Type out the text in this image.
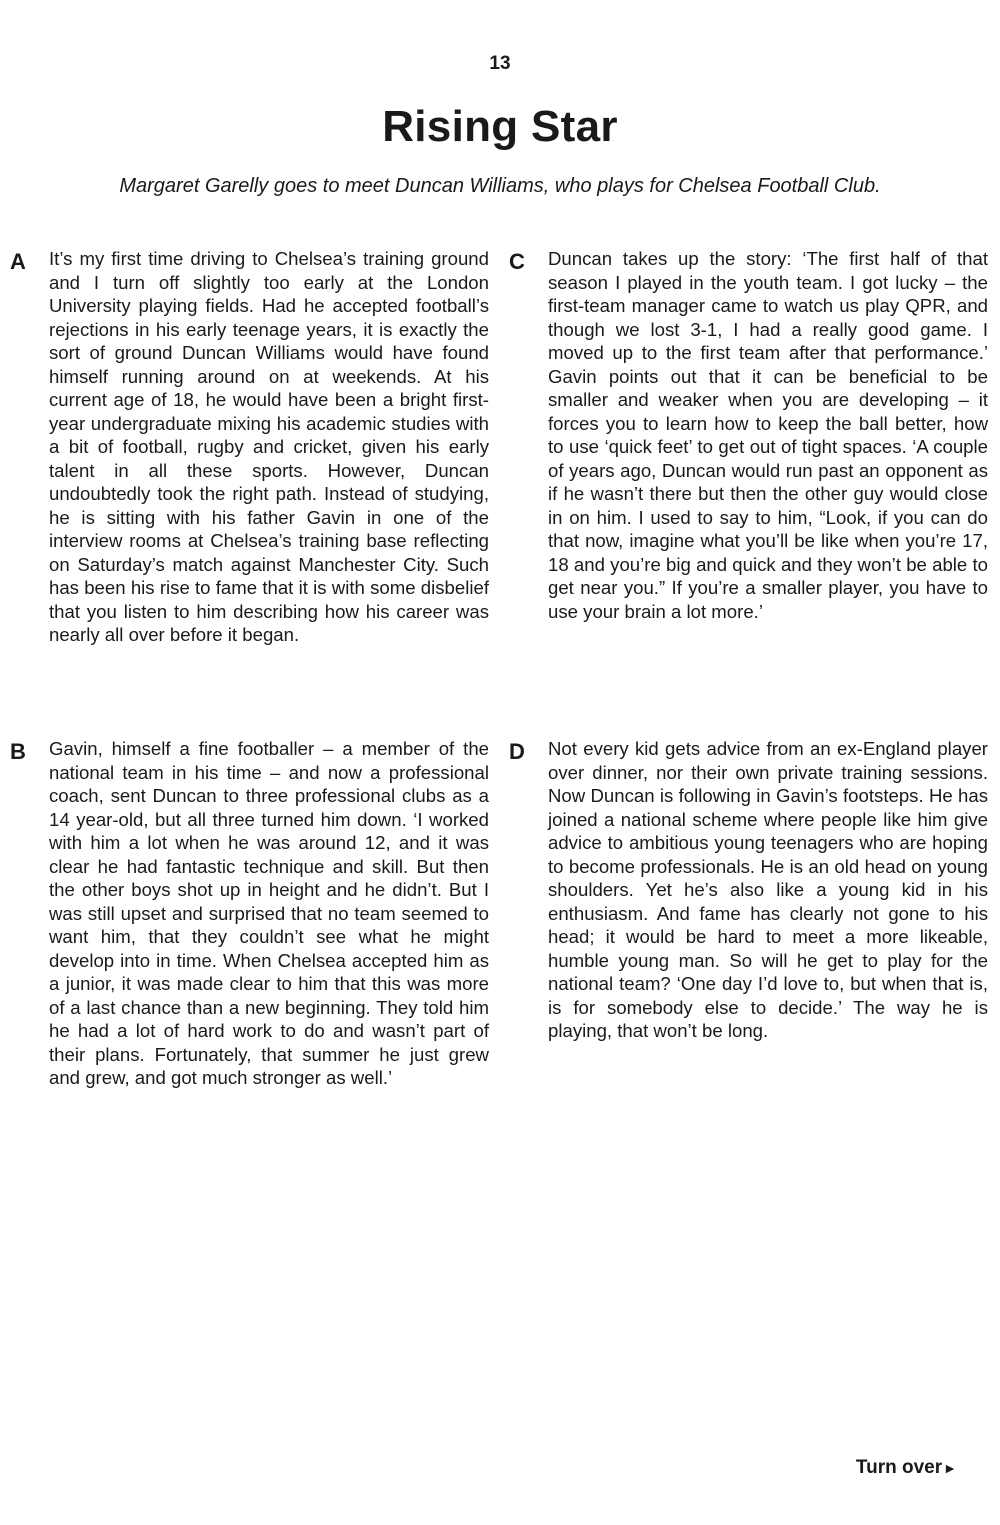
13
Rising Star
Margaret Garelly goes to meet Duncan Williams, who plays for Chelsea Football Club.
A It’s my first time driving to Chelsea’s training ground and I turn off slightly too early at the London University playing fields. Had he accepted football’s rejections in his early teenage years, it is exactly the sort of ground Duncan Williams would have found himself running around on at weekends. At his current age of 18, he would have been a bright first-year undergraduate mixing his academic studies with a bit of football, rugby and cricket, given his early talent in all these sports. However, Duncan undoubtedly took the right path. Instead of studying, he is sitting with his father Gavin in one of the interview rooms at Chelsea’s training base reflecting on Saturday’s match against Manchester City. Such has been his rise to fame that it is with some disbelief that you listen to him describing how his career was nearly all over before it began.

C Duncan takes up the story: ‘The first half of that season I played in the youth team. I got lucky – the first-team manager came to watch us play QPR, and though we lost 3-1, I had a really good game. I moved up to the first team after that performance.’ Gavin points out that it can be beneficial to be smaller and weaker when you are developing – it forces you to learn how to keep the ball better, how to use ‘quick feet’ to get out of tight spaces. ‘A couple of years ago, Duncan would run past an opponent as if he wasn’t there but then the other guy would close in on him. I used to say to him, “Look, if you can do that now, imagine what you’ll be like when you’re 17, 18 and you’re big and quick and they won’t be able to get near you.” If you’re a smaller player, you have to use your brain a lot more.’

B Gavin, himself a fine footballer – a member of the national team in his time – and now a professional coach, sent Duncan to three professional clubs as a 14 year-old, but all three turned him down. ‘I worked with him a lot when he was around 12, and it was clear he had fantastic technique and skill. But then the other boys shot up in height and he didn’t. But I was still upset and surprised that no team seemed to want him, that they couldn’t see what he might develop into in time. When Chelsea accepted him as a junior, it was made clear to him that this was more of a last chance than a new beginning. They told him he had a lot of hard work to do and wasn’t part of their plans. Fortunately, that summer he just grew and grew, and got much stronger as well.’

D Not every kid gets advice from an ex-England player over dinner, nor their own private training sessions. Now Duncan is following in Gavin’s footsteps. He has joined a national scheme where people like him give advice to ambitious young teenagers who are hoping to become professionals. He is an old head on young shoulders. Yet he’s also like a young kid in his enthusiasm. And fame has clearly not gone to his head; it would be hard to meet a more likeable, humble young man. So will he get to play for the national team? ‘One day I’d love to, but when that is, is for somebody else to decide.’ The way he is playing, that won’t be long.

Turn over►
